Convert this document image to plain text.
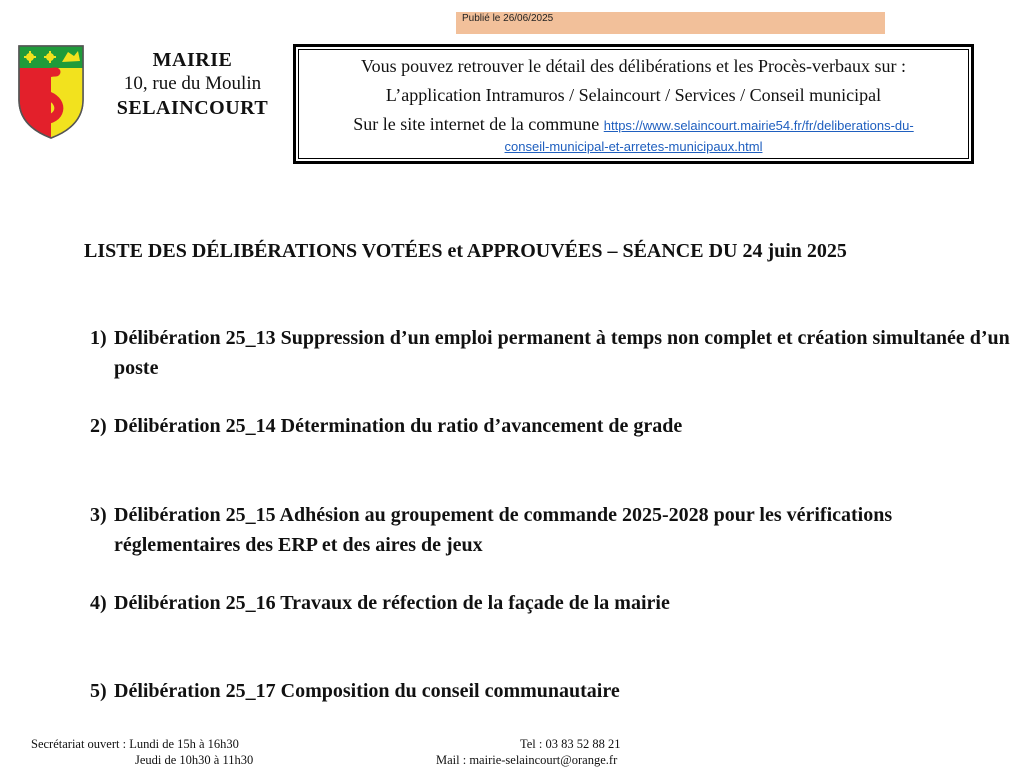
Publié le 26/06/2025
MAIRIE
10, rue du Moulin
SELAINCOURT
Vous pouvez retrouver le détail des délibérations et les Procès-verbaux sur :
L’application Intramuros / Selaincourt / Services / Conseil municipal
Sur le site internet de la commune https://www.selaincourt.mairie54.fr/fr/deliberations-du-
conseil-municipal-et-arretes-municipaux.html
LISTE DES DÉLIBÉRATIONS VOTÉES et APPROUVÉES – SÉANCE DU 24 juin 2025
1) Délibération 25_13 Suppression d’un emploi permanent à temps non complet et création simultanée d’un poste
2) Délibération 25_14 Détermination du ratio d’avancement de grade
3) Délibération 25_15 Adhésion au groupement de commande 2025-2028 pour les vérifications réglementaires des ERP et des aires de jeux
4) Délibération 25_16 Travaux de réfection de la façade de la mairie
5) Délibération 25_17 Composition du conseil communautaire
Secrétariat ouvert : Lundi de 15h à 16h30
Jeudi de 10h30 à 11h30
Tel : 03 83 52 88 21
Mail : mairie-selaincourt@orange.fr
